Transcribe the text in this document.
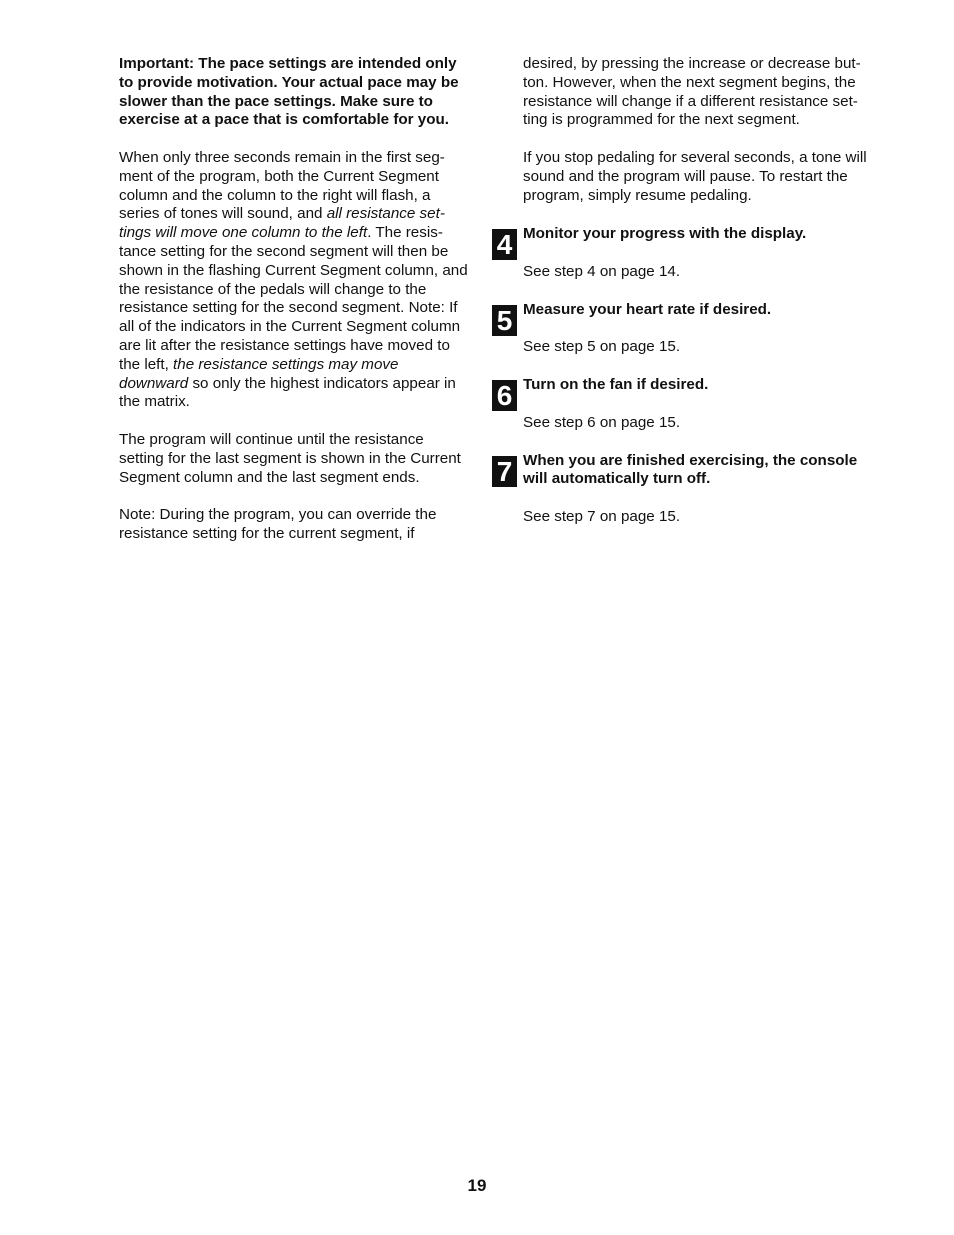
Important: The pace settings are intended only to provide motivation. Your actual pace may be slower than the pace settings. Make sure to exercise at a pace that is comfortable for you.

When only three seconds remain in the first segment of the program, both the Current Segment column and the column to the right will flash, a series of tones will sound, and all resistance settings will move one column to the left. The resistance setting for the second segment will then be shown in the flashing Current Segment column, and the resistance of the pedals will change to the resistance setting for the second segment. Note: If all of the indicators in the Current Segment column are lit after the resistance settings have moved to the left, the resistance settings may move downward so only the highest indicators appear in the matrix.

The program will continue until the resistance setting for the last segment is shown in the Current Segment column and the last segment ends.

Note: During the program, you can override the resistance setting for the current segment, if

desired, by pressing the increase or decrease button. However, when the next segment begins, the resistance will change if a different resistance setting is programmed for the next segment.

If you stop pedaling for several seconds, a tone will sound and the program will pause. To restart the program, simply resume pedaling.

4 Monitor your progress with the display.

See step 4 on page 14.

5 Measure your heart rate if desired.

See step 5 on page 15.

6 Turn on the fan if desired.

See step 6 on page 15.

7 When you are finished exercising, the console will automatically turn off.

See step 7 on page 15.

19
